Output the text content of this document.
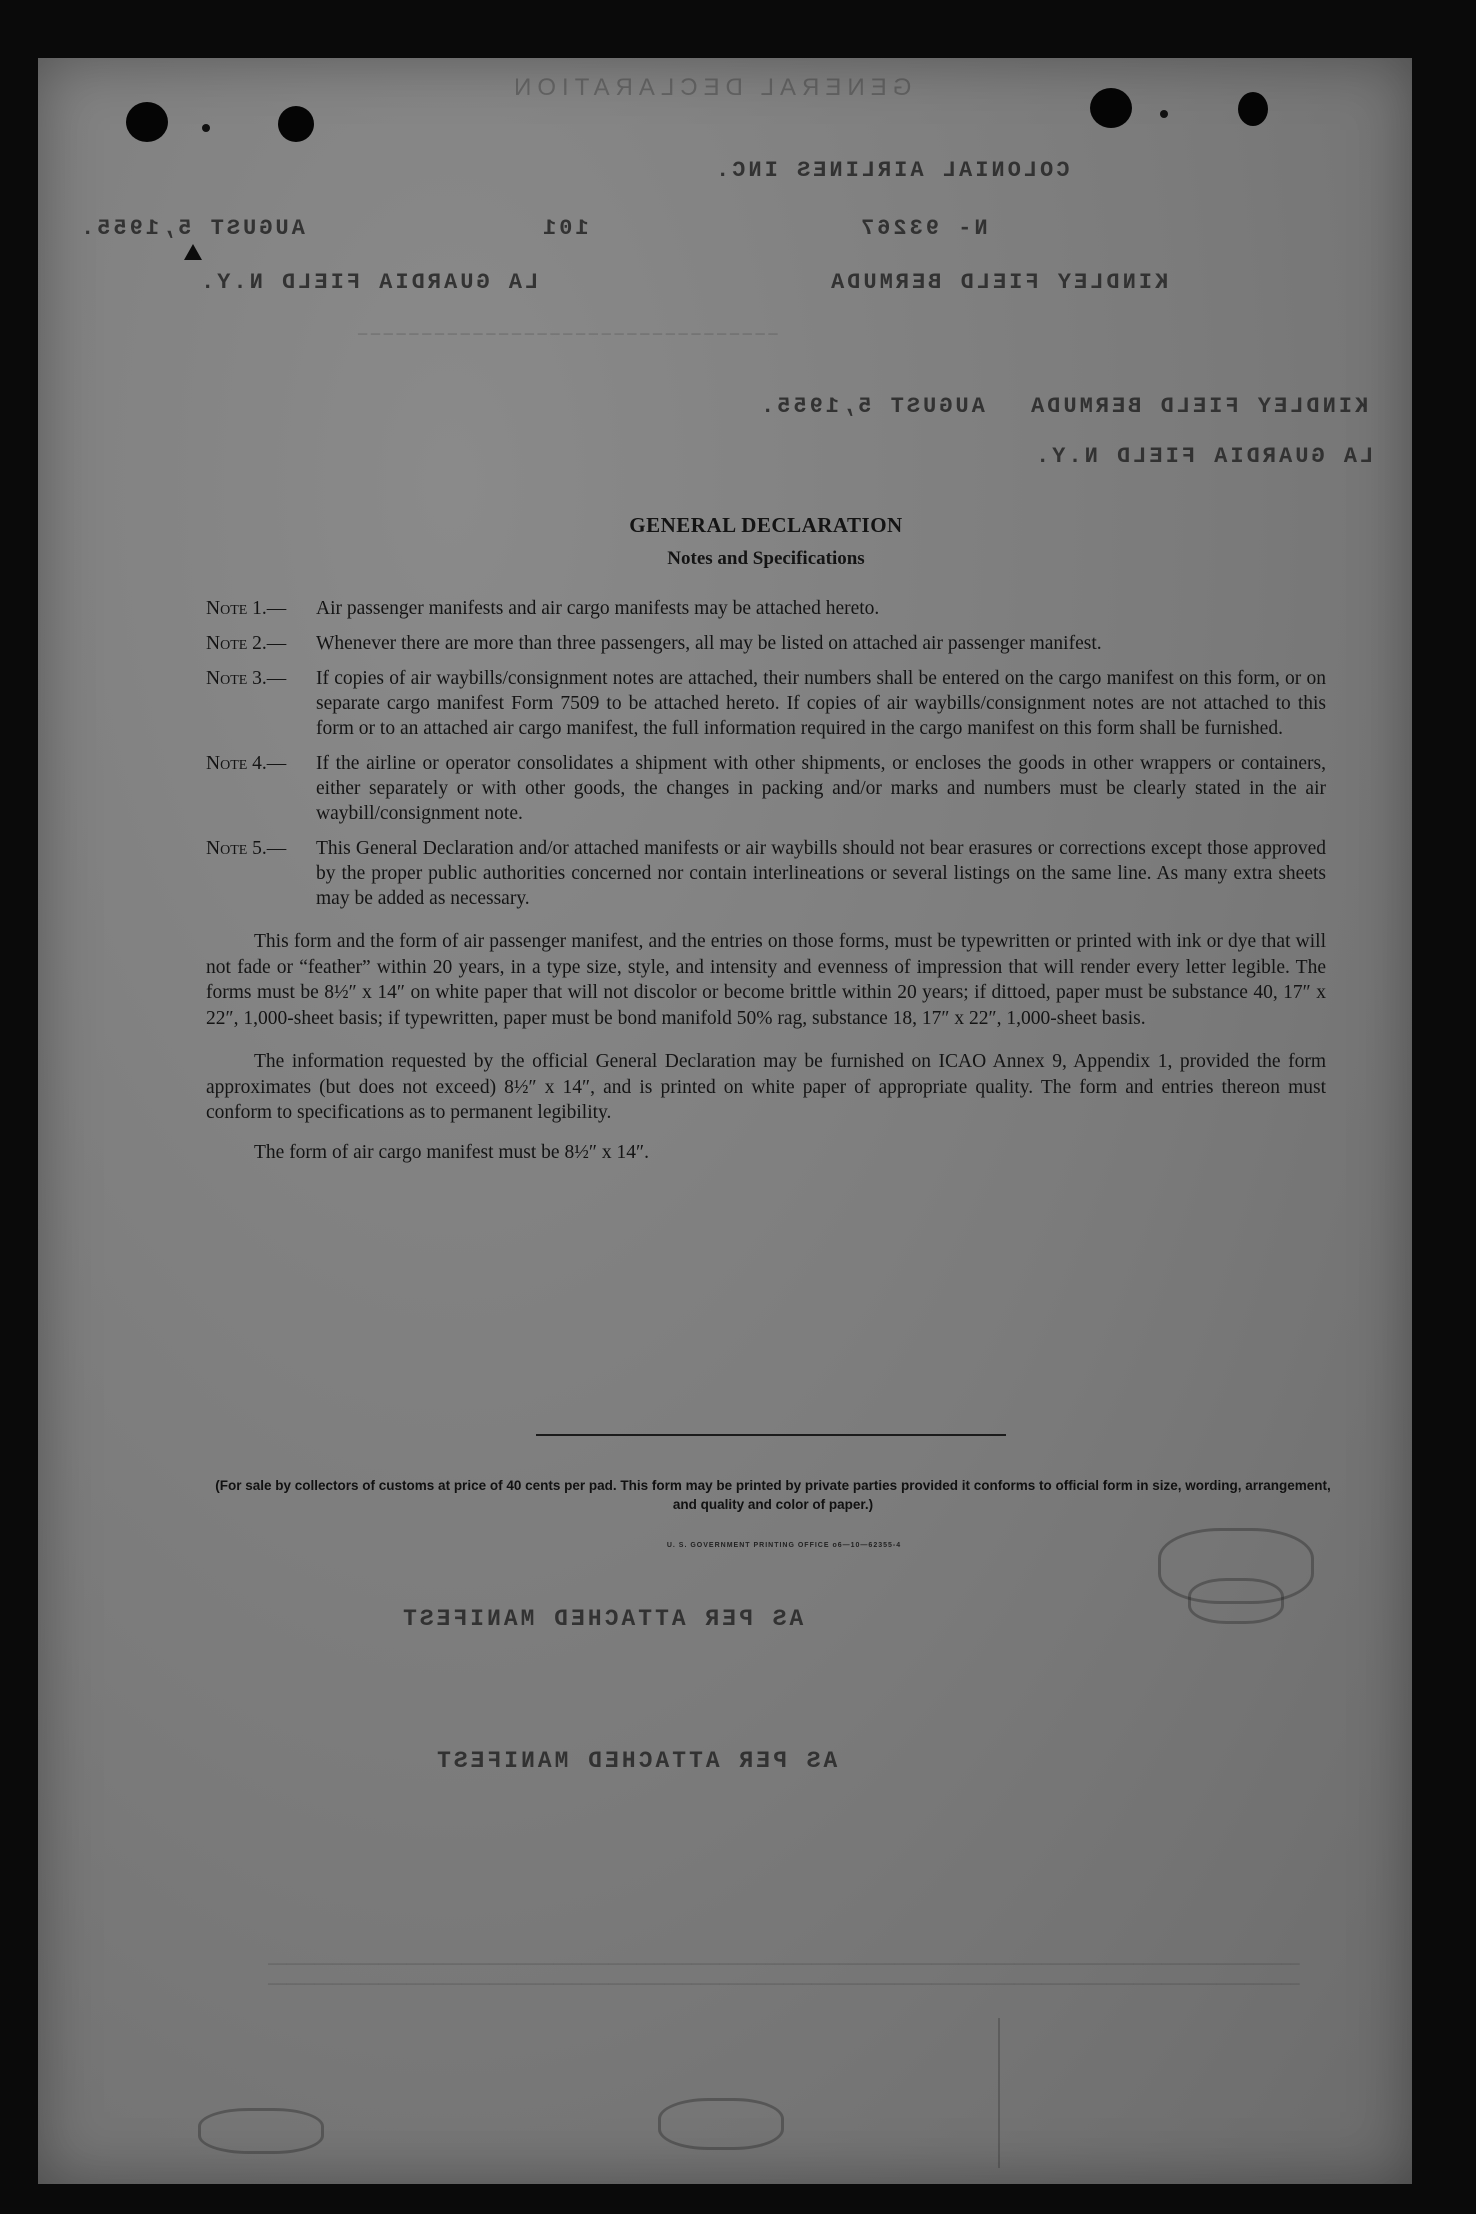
GENERAL DECLARATION
COLONIAL AIRLINES INC.
N- 93267
101
AUGUST 5,1955.
KINDLEY FIELD BERMUDA
LA GUARDIA FIELD N.Y.
─ ─ ─ ─ ─ ─ ─ ─ ─ ─ ─ ─ ─ ─ ─ ─ ─ ─ ─ ─ ─ ─ ─ ─ ─ ─ ─ ─ ─ ─ ─ ─ ─
KINDLEY FIELD BERMUDA
AUGUST 5,1955.
LA GUARDIA FIELD N.Y.
GENERAL DECLARATION
Notes and Specifications
Note 1.—	Air passenger manifests and air cargo manifests may be attached hereto.
Note 2.—	Whenever there are more than three passengers, all may be listed on attached air passenger manifest.
Note 3.—	If copies of air waybills/consignment notes are attached, their numbers shall be entered on the cargo manifest on this form, or on separate cargo manifest Form 7509 to be attached hereto. If copies of air waybills/consignment notes are not attached to this form or to an attached air cargo manifest, the full information required in the cargo manifest on this form shall be furnished.
Note 4.—	If the airline or operator consolidates a shipment with other shipments, or encloses the goods in other wrappers or containers, either separately or with other goods, the changes in packing and/or marks and numbers must be clearly stated in the air waybill/consignment note.
Note 5.—	This General Declaration and/or attached manifests or air waybills should not bear erasures or corrections except those approved by the proper public authorities concerned nor contain interlineations or several listings on the same line. As many extra sheets may be added as necessary.

This form and the form of air passenger manifest, and the entries on those forms, must be typewritten or printed with ink or dye that will not fade or “feather” within 20 years, in a type size, style, and intensity and evenness of impression that will render every letter legible. The forms must be 8½″ x 14″ on white paper that will not discolor or become brittle within 20 years; if dittoed, paper must be substance 40, 17″ x 22″, 1,000-sheet basis; if typewritten, paper must be bond manifold 50% rag, substance 18, 17″ x 22″, 1,000-sheet basis.

The information requested by the official General Declaration may be furnished on ICAO Annex 9, Appendix 1, provided the form approximates (but does not exceed) 8½″ x 14″, and is printed on white paper of appropriate quality. The form and entries thereon must conform to specifications as to permanent legibility.

The form of air cargo manifest must be 8½″ x 14″.

(For sale by collectors of customs at price of 40 cents per pad. This form may be printed by private parties provided it conforms to official form in size, wording, arrangement, and quality and color of paper.)
U. S. GOVERNMENT PRINTING OFFICE o6—10—62355-4
AS PER ATTACHED MANIFEST
AS PER ATTACHED MANIFEST
────────────────────────────────────────────────────────────────────────────────────────────────────────────────
────────────────────────────────────────────────────────────────────────────────────────────────────────────────
